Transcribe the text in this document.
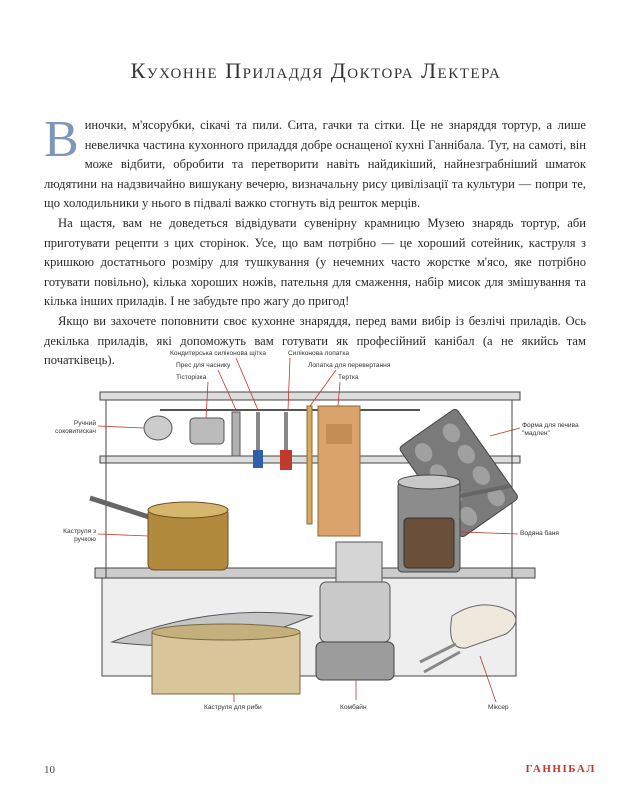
Кухонне Приладдя Доктора Лектера

Виночки, м'ясорубки, сікачі та пили. Сита, гачки та сітки. Це не знаряддя тортур, а лише невеличка частина кухонного приладдя добре оснащеної кухні Ганнібала. Тут, на самоті, він може відбити, обробити та перетворити навіть найдикіший, найнезграбніший шматок людятини на надзвичайно вишукану вечерю, визначальну рису цивілізації та культури — попри те, що холодильники у нього в підвалі важко стогнуть від решток мерців.

На щастя, вам не доведеться відвідувати сувенірну крамницю Музею знарядь тортур, аби приготувати рецепти з цих сторінок. Усе, що вам потрібно — це хороший сотейник, каструля з кришкою достатнього розміру для тушкування (у нечемних часто жорстке м'ясо, яке потрібно готувати повільно), кілька хороших ножів, пательня для смаження, набір мисок для змішування та кілька інших приладів. І не забудьте про жагу до пригод!

Якщо ви захочете поповнити своє кухонне знаряддя, перед вами вибір із безлічі приладів. Ось декілька приладів, які допоможуть вам готувати як професійний канібал (а не якийсь там початківець).	Кондитерська силіконова щітка	Силіконова лопатка
Прес для часнику	Лопатка для перевертання
Тісторізка	Тертка
Ручний соковитискач
Форма для печива "мадлен"
Каструля з ручкою
Водяна баня
Каструля для риби	Комбайн	Міксер
10	ГАННІБАЛ
